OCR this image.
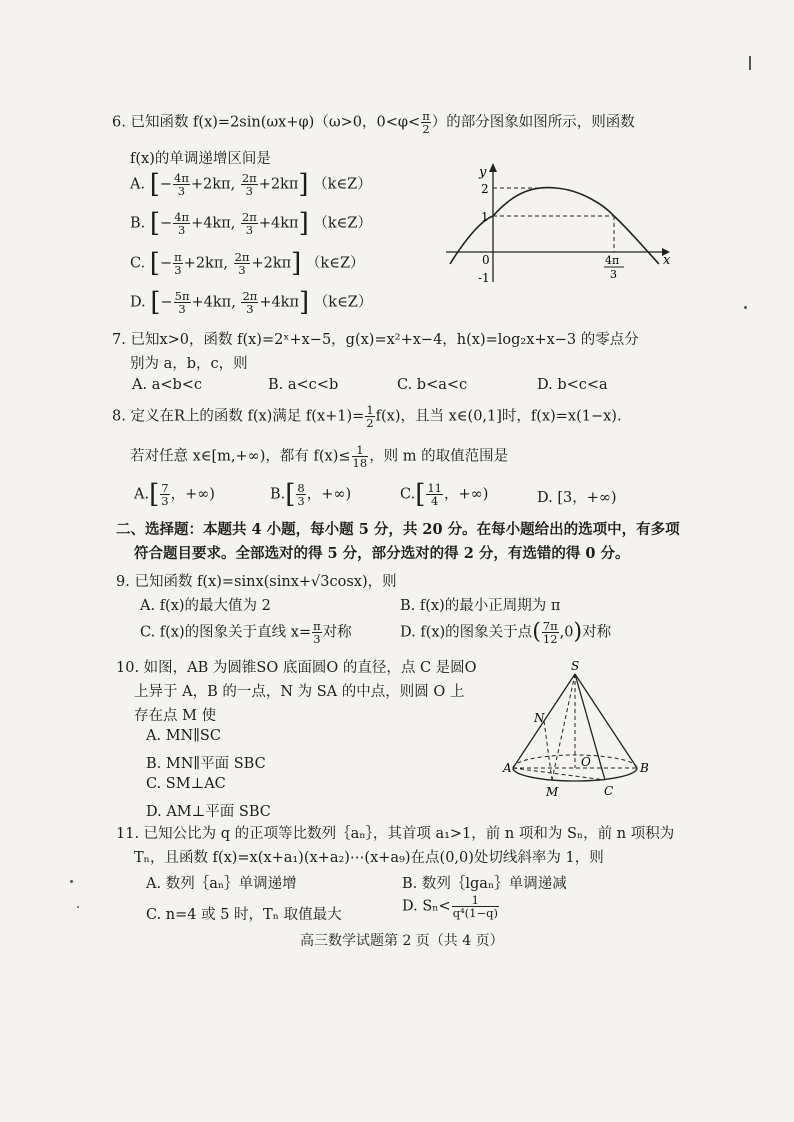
6. 已知函数 f(x)=2sin(ωx+φ)（ω>0，$0<\varphi< \frac{\pi}{2}$ ）的部分图象如图所示，则函数
f(x)的单调递增区间是
A. [− $\frac{4\pi}{3} +2k\pi$, $\frac{2\pi}{3} +2k\pi$] （k∈Z）
B. [− $\frac{4\pi}{3} +4k\pi$, $\frac{2\pi}{3} +4k\pi$] （k∈Z）
C. [− $\frac{\pi}{3} +2k\pi$, $\frac{2\pi}{3} +2k\pi$] （k∈Z）
D. [− $\frac{5\pi}{3} +4k\pi$, $\frac{2\pi}{3} +4k\pi$] （k∈Z）
y
2
1
0
-1
4π
3
x
7. 已知x>0，函数 f(x)=2ˣ+x−5，g(x)=x²+x−4，h(x)=log₂x+x−3 的零点分
别为 a，b，c，则
A. a<b<c	B. a<c<b	C. b<a<c	D. b<c<a
8. 定义在R上的函数 f(x)满足 $f(x+1)= \frac{1}{2} f(x)$，且当 x∈(0,1]时，f(x)=x(1−x).
若对任意 x∈[m,+∞)，都有 $f(x)\le \frac{1}{18}$ ，则 m 的取值范围是
$A.[ \frac{7}{3}$ ，+∞)	$B.[ \frac{8}{3}$ ，+∞)	$C.[ \frac{11}{4}$ ，+∞)	D. [3，+∞)
二、选择题：本题共 4 小题，每小题 5 分，共 20 分。在每小题给出的选项中，有多项
符合题目要求。全部选对的得 5 分，部分选对的得 2 分，有选错的得 0 分。
9. 已知函数 f(x)=sinx(sinx+√3cosx)，则
A. f(x)的最大值为 2	B. f(x)的最小正周期为 π
C. f(x)的图象关于直线 $x= \frac{\pi}{3}$ 对称	D. f(x)的图象关于点( $\frac{7\pi}{12} ,0$)对称
10. 如图，AB 为圆锥SO 底面圆O 的直径，点 C 是圆O
上异于 A，B 的一点，N 为 SA 的中点，则圆 O 上
存在点 M 使
A. MN∥SC
B. MN∥平面 SBC
C. SM⊥AC
D. AM⊥平面 SBC
S
N
A	O	B
M	C
11. 已知公比为 q 的正项等比数列｛aₙ｝，其首项 a₁>1，前 n 项和为 Sₙ，前 n 项积为
Tₙ，且函数 f(x)=x(x+a₁)(x+a₂)⋯(x+a₉)在点(0,0)处切线斜率为 1，则
A. 数列｛aₙ｝单调递增	B. 数列｛lgaₙ｝单调递减
C. n=4 或 5 时，Tₙ 取值最大
D. $S_n< \frac{1}{\text{q⁴(1−q)}}$
高三数学试题第 2 页（共 4 页）
